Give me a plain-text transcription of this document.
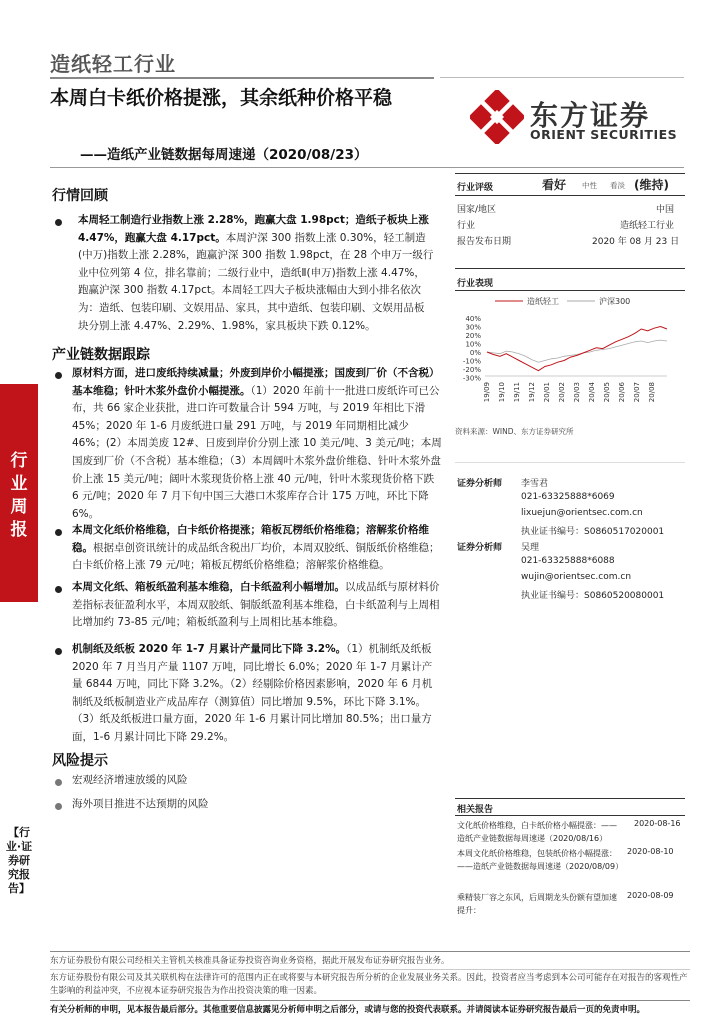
造纸轻工行业
本周白卡纸价格提涨，其余纸种价格平稳
——造纸产业链数据每周速递（2020/08/23）
东方证券
ORIENT SECURITIES
行情回顾
本周轻工制造行业指数上涨 2.28%，跑赢大盘 1.98pct；造纸子板块上涨 4.47%，跑赢大盘 4.17pct。本周沪深 300 指数上涨 0.30%，轻工制造(中万)指数上涨 2.28%，跑赢沪深 300 指数 1.98pct，在 28 个申万一级行业中位列第 4 位，排名靠前；二级行业中，造纸Ⅱ(申万)指数上涨 4.47%，跑赢沪深 300 指数 4.17pct。本周轻工四大子板块涨幅由大到小排名依次为：造纸、包装印刷、文娱用品、家具，其中造纸、包装印刷、文娱用品板块分别上涨 4.47%、2.29%、1.98%，家具板块下跌 0.12%。
产业链数据跟踪
原材料方面，进口废纸持续减量；外废到岸价小幅提涨；国废到厂价（不含税）基本维稳；针叶木浆外盘价小幅提涨。（1）2020 年前十一批进口废纸许可已公布，共 66 家企业获批，进口许可数量合计 594 万吨，与 2019 年相比下滑 45%；2020 年 1-6 月废纸进口量 291 万吨，与 2019 年同期相比减少 46%；(2）本周美废 12#、日废到岸价分别上涨 10 美元/吨、3 美元/吨；本周国废到厂价（不含税）基本维稳；（3）本周阔叶木浆外盘价维稳、针叶木浆外盘价上涨 15 美元/吨；阔叶木浆现货价格上涨 40 元/吨，针叶木浆现货价格下跌 6 元/吨；2020 年 7 月下旬中国三大港口木浆库存合计 175 万吨，环比下降 6%。
本周文化纸价格维稳，白卡纸价格提涨；箱板瓦楞纸价格维稳；溶解浆价格维稳。根据卓创资讯统计的成品纸含税出厂均价，本周双胶纸、铜版纸价格维稳；白卡纸价格上涨 79 元/吨；箱板瓦楞纸价格维稳；溶解浆价格维稳。
本周文化纸、箱板纸盈利基本维稳，白卡纸盈利小幅增加。以成品纸与原材料价差指标表征盈利水平，本周双胶纸、铜版纸盈利基本维稳，白卡纸盈利与上周相比增加约 73-85 元/吨；箱板纸盈利与上周相比基本维稳。
机制纸及纸板 2020 年 1-7 月累计产量同比下降 3.2%。（1）机制纸及纸板 2020 年 7 月当月产量 1107 万吨，同比增长 6.0%；2020 年 1-7 月累计产量 6844 万吨，同比下降 3.2%。（2）经剔除价格因素影响，2020 年 6 月机制纸及纸板制造业产成品库存（测算值）同比增加 9.5%，环比下降 3.1%。（3）纸及纸板进口量方面，2020 年 1-6 月累计同比增加 80.5%；出口量方面，1-6 月累计同比下降 29.2%。
风险提示
宏观经济增速放缓的风险
海外项目推进不达预期的风险
行业周报
【行业·证券研究报告】
行业评级	看好 中性 看淡 (维持)
国家/地区	中国
行业	造纸轻工行业
报告发布日期	2020 年 08 月 23 日
行业表现
造纸轻工	沪深300
40%
30%
20%
10%
0%
-10%
-20%
-30%
19/09 19/10 19/11 19/12 20/01 20/02 20/03 20/04 20/05 20/06 20/07 20/08
资料来源：WIND、东方证券研究所
证券分析师 李雪君
021-63325888*6069
lixuejun@orientsec.com.cn
执业证书编号：S0860517020001
证券分析师 吴理
021-63325888*6088
wujin@orientsec.com.cn
执业证书编号：S0860520080001
相关报告
文化纸价格维稳，白卡纸价格小幅提涨：——造纸产业链数据每周速递（2020/08/16）
2020-08-16
本周文化纸价格维稳，包装纸价格小幅提涨：——造纸产业链数据每周速递（2020/08/09）
2020-08-10
乘精装厂容之东风，后周期龙头份额有望加速提升：
2020-08-09
东方证券股份有限公司经相关主管机关核准具备证券投资咨询业务资格，据此开展发布证券研究报告业务。
东方证券股份有限公司及其关联机构在法律许可的范围内正在或将要与本研究报告所分析的企业发展业务关系。因此，投资者应当考虑到本公司可能存在对报告的客观性产生影响的利益冲突，不应视本证券研究报告为作出投资决策的唯一因素。
有关分析师的申明，见本报告最后部分。其他重要信息披露见分析师申明之后部分，或请与您的投资代表联系。并请阅读本证券研究报告最后一页的免责申明。
